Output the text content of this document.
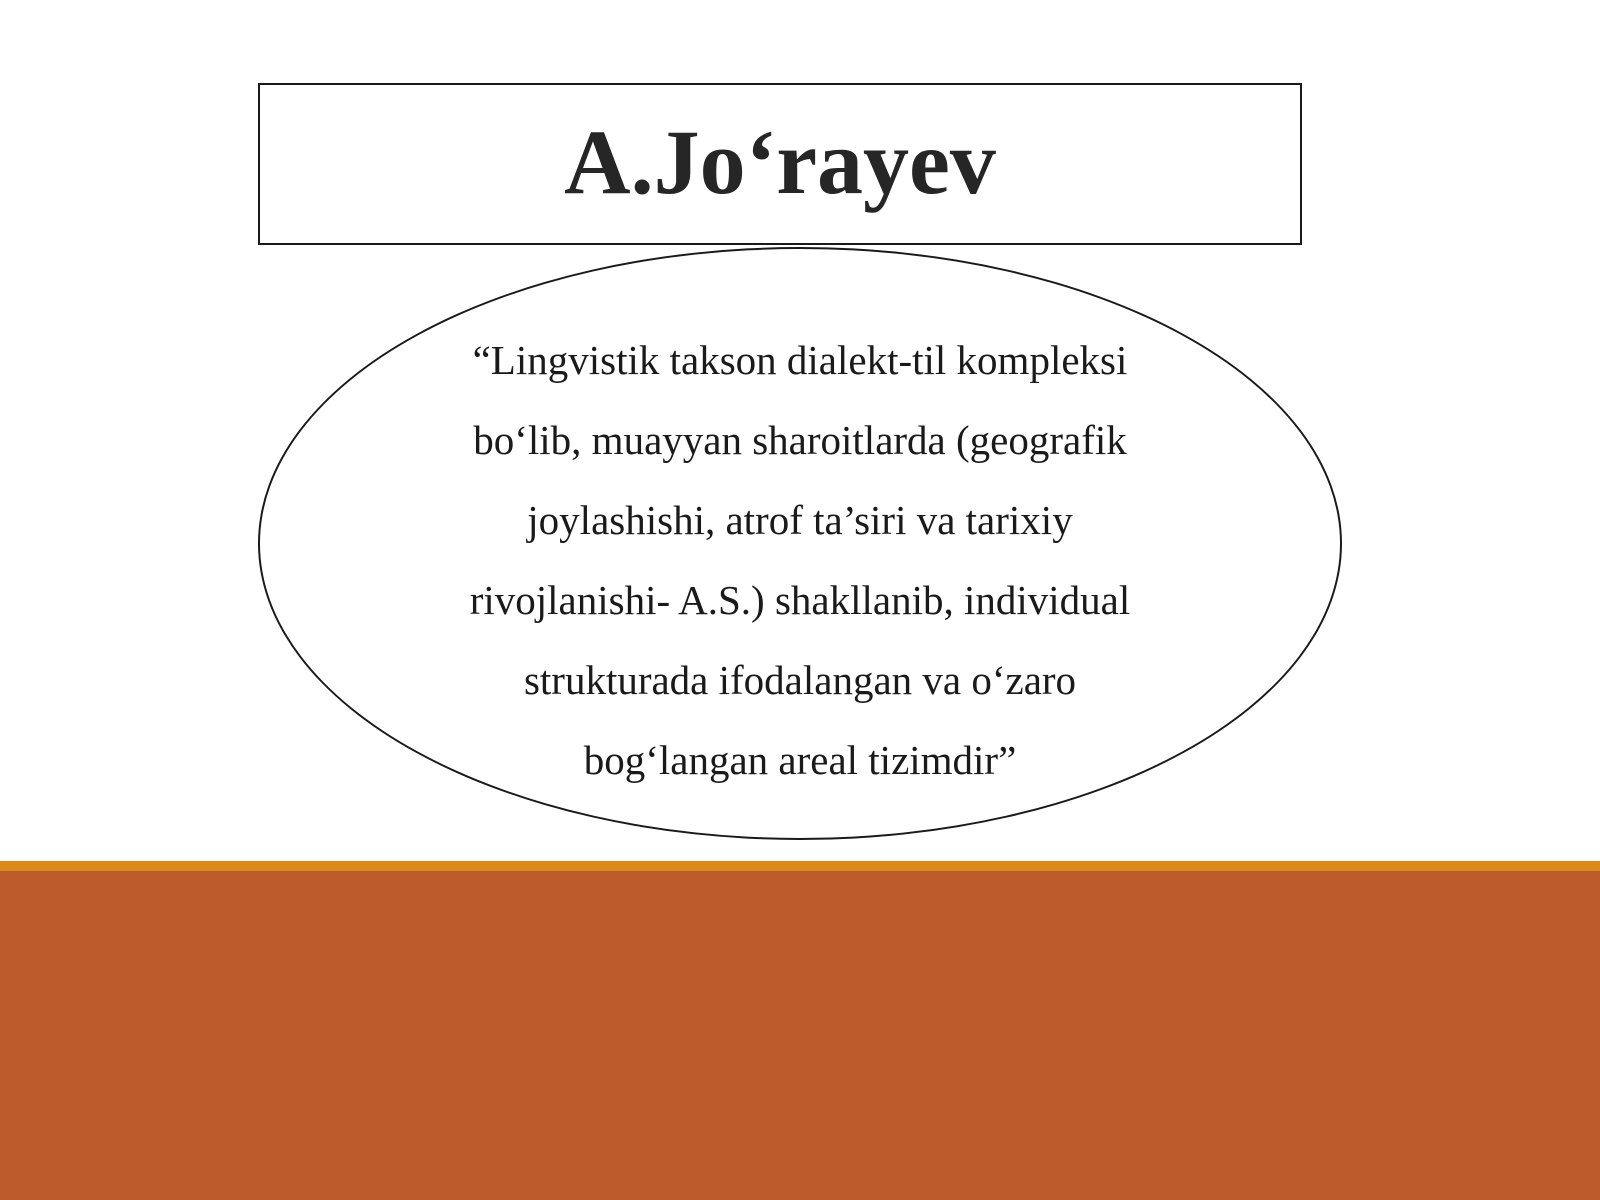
A.Jo‘rayev

“Lingvistik takson dialekt-til kompleksi
bo‘lib, muayyan sharoitlarda (geografik
joylashishi, atrof ta’siri va tarixiy
rivojlanishi- A.S.) shakllanib, individual
strukturada ifodalangan va o‘zaro
bog‘langan areal tizimdir”
